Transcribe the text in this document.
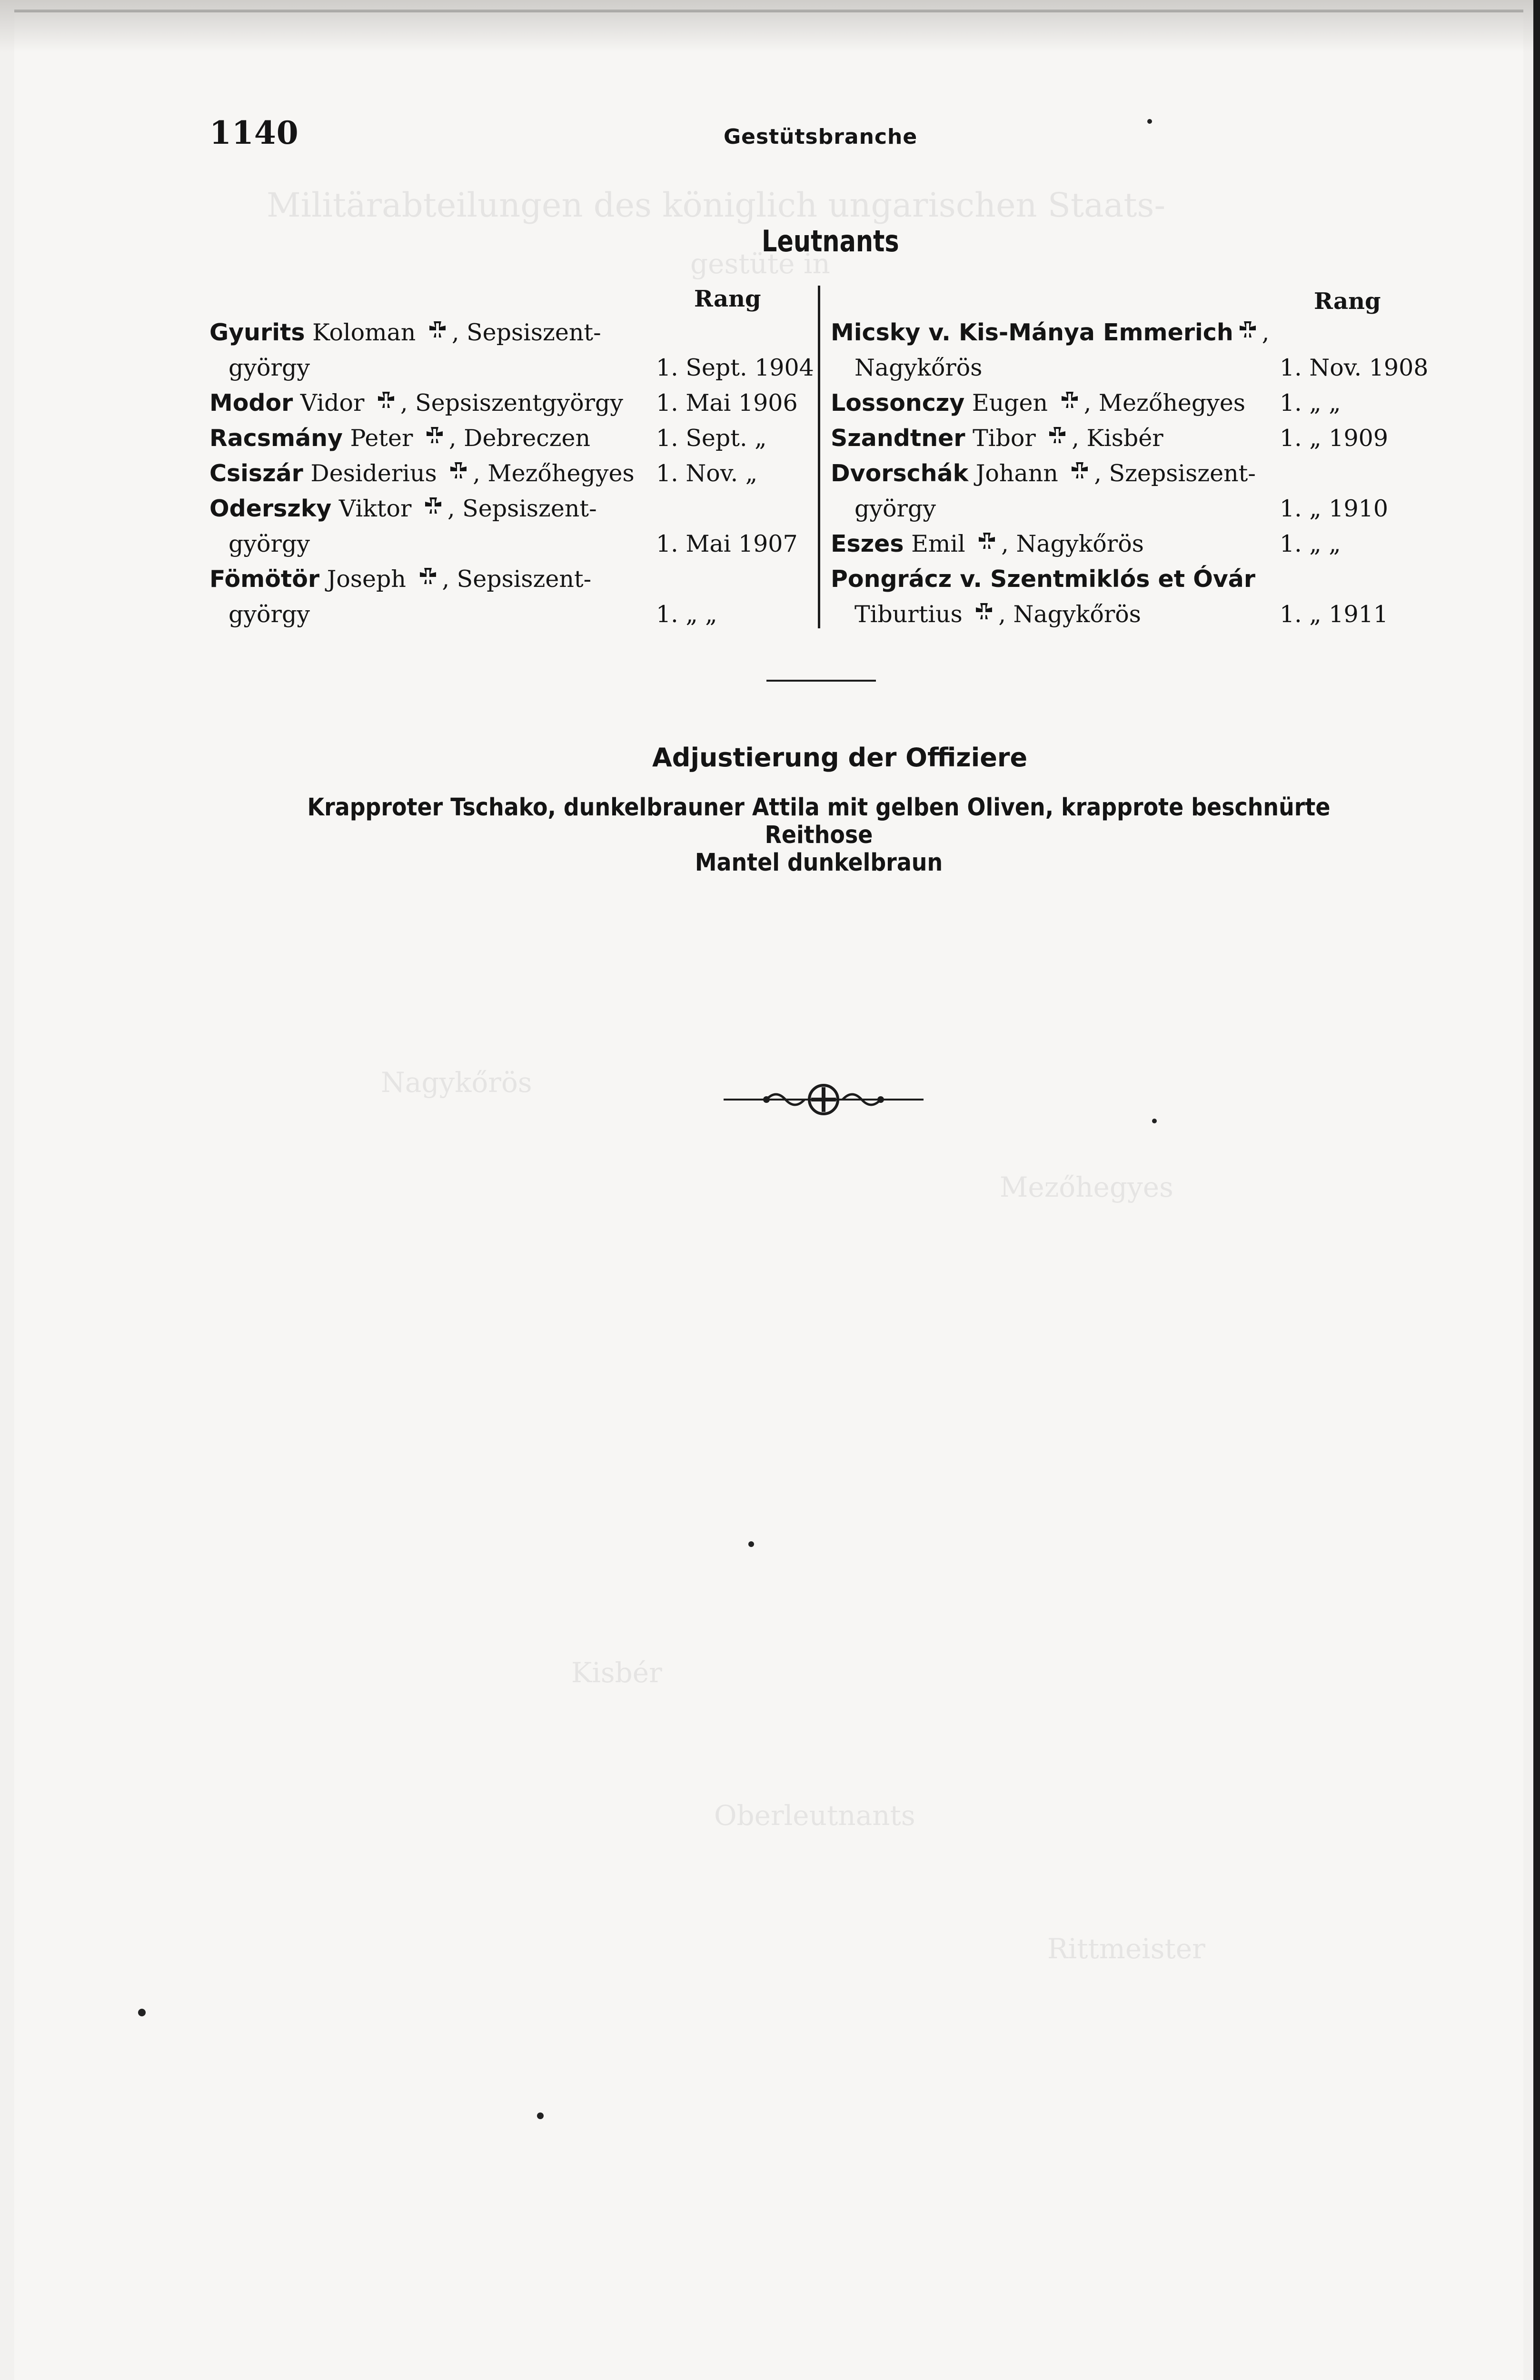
Militärabteilungen des königlich ungarischen Staats-
gestüte in
Nagykőrös
Mezőhegyes
Kisbér
Rittmeister
Oberleutnants
1140	Gestütsbranche
Leutnants
Rang	Rang
Gyurits Koloman , Sepsiszent-
györgy	1. Sept. 1904
Modor Vidor , Sepsiszentgyörgy 1. Mai 1906
Racsmány Peter , Debreczen	1. Sept. „
Csiszár Desiderius , Mezőhegyes 1. Nov. „
Oderszky Viktor , Sepsiszent-
györgy	1. Mai 1907
Fömötör Joseph , Sepsiszent-
györgy	1. „ „
Micsky v. Kis-Mánya Emmerich ,
Nagykőrös	1. Nov. 1908
Lossonczy Eugen , Mezőhegyes 1. „ „
Szandtner Tibor , Kisbér	1. „ 1909
Dvorschák Johann , Szepsiszent-
györgy	1. „ 1910
Eszes Emil , Nagykőrös	1. „ „
Pongrácz v. Szentmiklós et Óvár
Tiburtius , Nagykőrös	1. „ 1911
Adjustierung der Offiziere
Krapproter Tschako, dunkelbrauner Attila mit gelben Oliven, krapprote beschnürte Reithose
Mantel dunkelbraun
